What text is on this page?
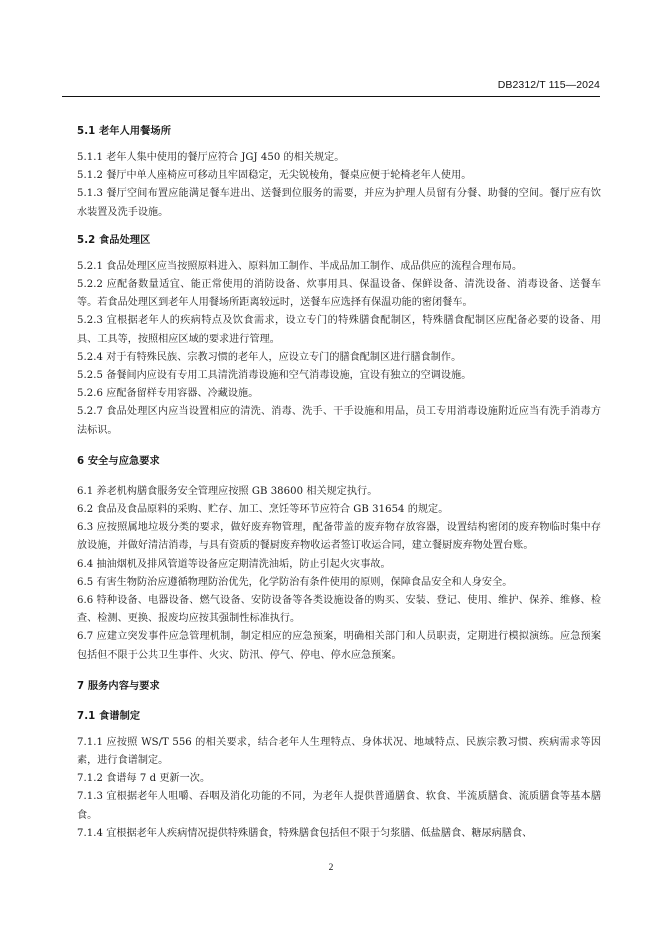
DB2312/T 115—2024
5.1 老年人用餐场所

5.1.1 老年人集中使用的餐厅应符合 JGJ 450 的相关规定。

5.1.2 餐厅中单人座椅应可移动且牢固稳定，无尖锐棱角，餐桌应便于轮椅老年人使用。

5.1.3 餐厅空间布置应能满足餐车进出、送餐到位服务的需要，并应为护理人员留有分餐、助餐的空间。餐厅应有饮水装置及洗手设施。

5.2 食品处理区

5.2.1 食品处理区应当按照原料进入、原料加工制作、半成品加工制作、成品供应的流程合理布局。

5.2.2 应配备数量适宜、能正常使用的消防设备、炊事用具、保温设备、保鲜设备、清洗设备、消毒设备、送餐车等。若食品处理区到老年人用餐场所距离较远时，送餐车应选择有保温功能的密闭餐车。

5.2.3 宜根据老年人的疾病特点及饮食需求，设立专门的特殊膳食配制区，特殊膳食配制区应配备必要的设备、用具、工具等，按照相应区域的要求进行管理。

5.2.4 对于有特殊民族、宗教习惯的老年人，应设立专门的膳食配制区进行膳食制作。

5.2.5 备餐间内应设有专用工具清洗消毒设施和空气消毒设施，宜设有独立的空调设施。

5.2.6 应配备留样专用容器、冷藏设施。

5.2.7 食品处理区内应当设置相应的清洗、消毒、洗手、干手设施和用品，员工专用消毒设施附近应当有洗手消毒方法标识。

6 安全与应急要求

6.1 养老机构膳食服务安全管理应按照 GB 38600 相关规定执行。

6.2 食品及食品原料的采购、贮存、加工、烹饪等环节应符合 GB 31654 的规定。

6.3 应按照属地垃圾分类的要求，做好废弃物管理，配备带盖的废弃物存放容器，设置结构密闭的废弃物临时集中存放设施，并做好清洁消毒，与具有资质的餐厨废弃物收运者签订收运合同，建立餐厨废弃物处置台账。

6.4 抽油烟机及排风管道等设备应定期清洗油垢，防止引起火灾事故。

6.5 有害生物防治应遵循物理防治优先，化学防治有条件使用的原则，保障食品安全和人身安全。

6.6 特种设备、电器设备、燃气设备、安防设备等各类设施设备的购买、安装、登记、使用、维护、保养、维修、检查、检测、更换、报废均应按其强制性标准执行。

6.7 应建立突发事件应急管理机制，制定相应的应急预案，明确相关部门和人员职责，定期进行模拟演练。应急预案包括但不限于公共卫生事件、火灾、防汛、停气、停电、停水应急预案。

7 服务内容与要求
7.1 食谱制定

7.1.1 应按照 WS/T 556 的相关要求，结合老年人生理特点、身体状况、地域特点、民族宗教习惯、疾病需求等因素，进行食谱制定。

7.1.2 食谱每 7 d 更新一次。

7.1.3 宜根据老年人咀嚼、吞咽及消化功能的不同，为老年人提供普通膳食、软食、半流质膳食、流质膳食等基本膳食。

7.1.4 宜根据老年人疾病情况提供特殊膳食，特殊膳食包括但不限于匀浆膳、低盐膳食、糖尿病膳食、

2
